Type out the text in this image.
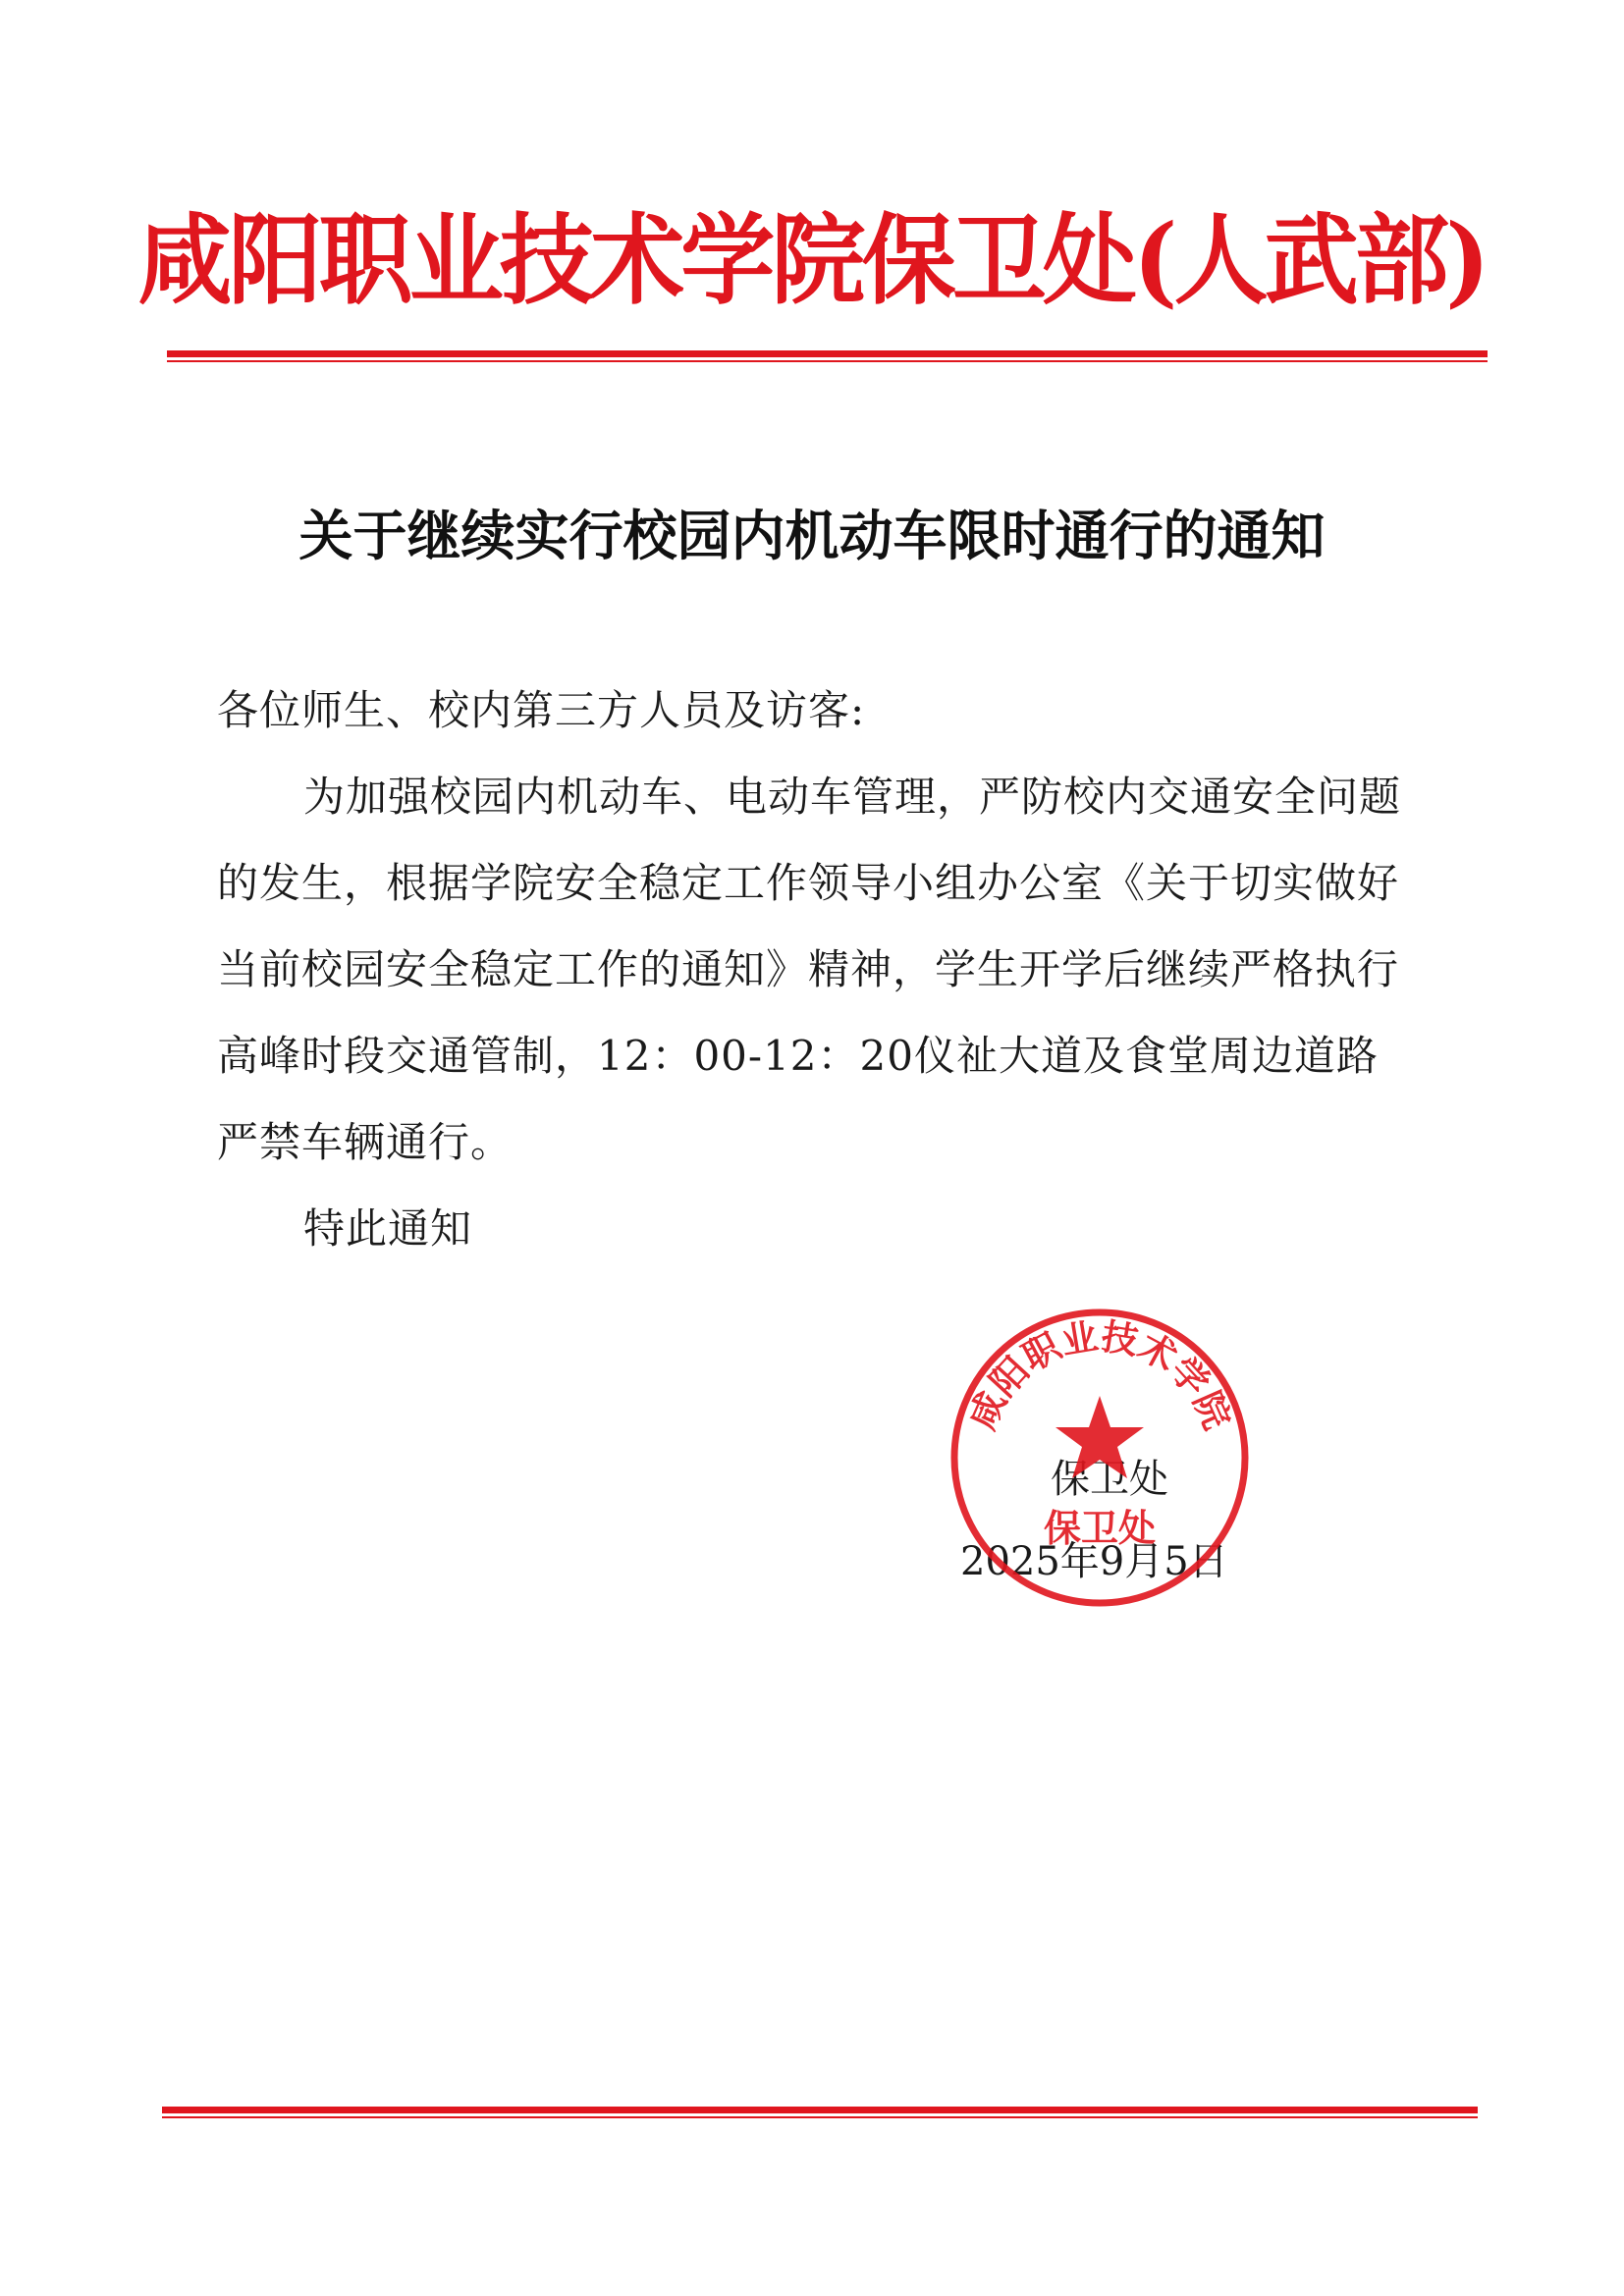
咸阳职业技术学院保卫处(人武部)
关于继续实行校园内机动车限时通行的通知

各位师生、校内第三方人员及访客:

为加强校园内机动车、电动车管理，严防校内交通安全问题的发生，根据学院安全稳定工作领导小组办公室《关于切实做好当前校园安全稳定工作的通知》精神，学生开学后继续严格执行高峰时段交通管制，12：00-12：20仪祉大道及食堂周边道路严禁车辆通行。

特此通知

保卫处
2025年9月5日
咸阳职业技术学院
保卫处
